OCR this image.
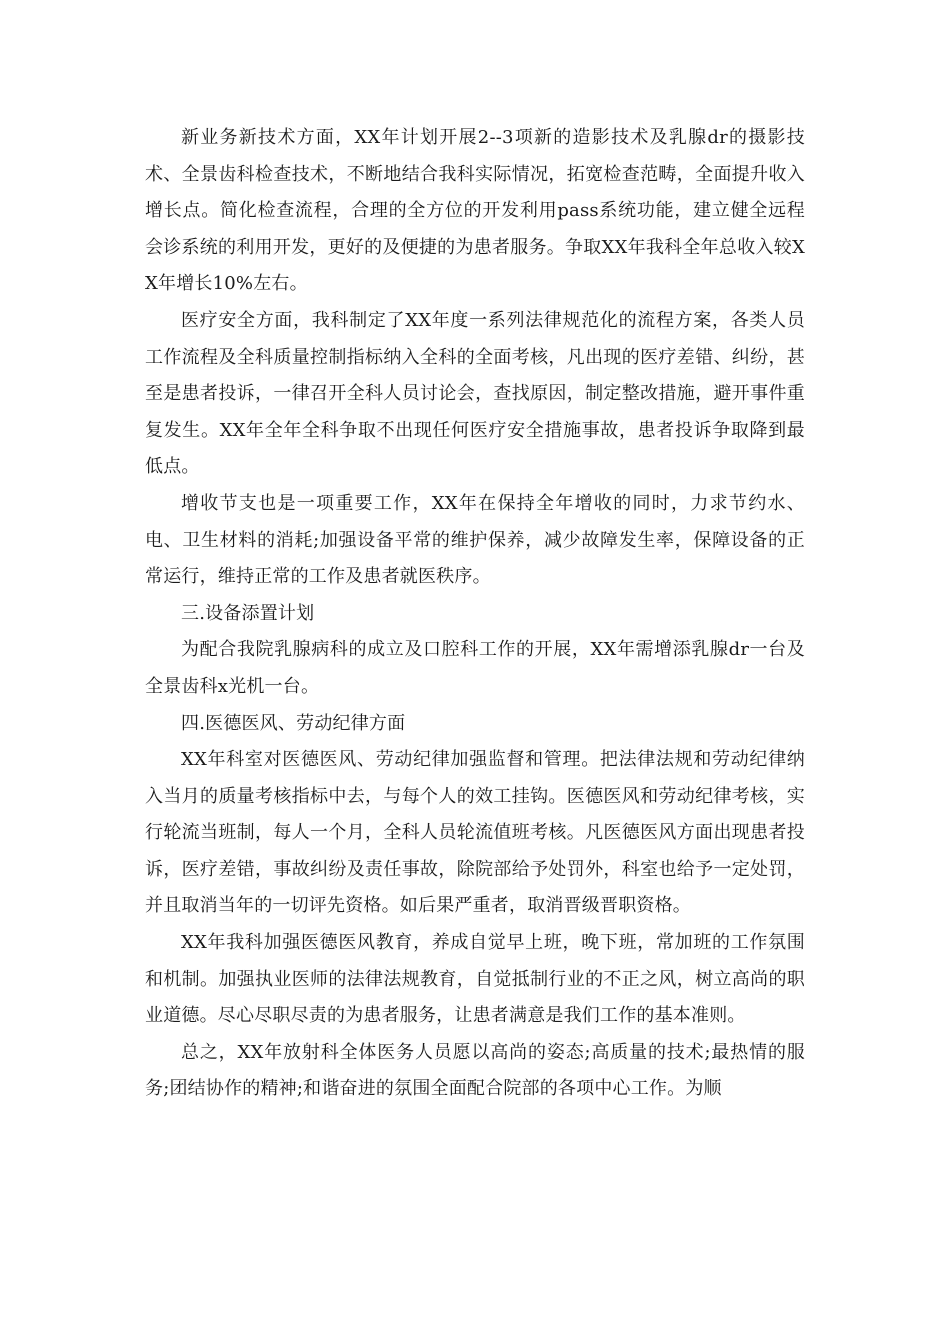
新业务新技术方面，XX年计划开展2--3项新的造影技术及乳腺dr的摄影技术、全景齿科检查技术，不断地结合我科实际情况，拓宽检查范畴，全面提升收入增长点。简化检查流程，合理的全方位的开发利用pass系统功能，建立健全远程会诊系统的利用开发，更好的及便捷的为患者服务。争取XX年我科全年总收入较XX年增长10%左右。

医疗安全方面，我科制定了XX年度一系列法律规范化的流程方案，各类人员工作流程及全科质量控制指标纳入全科的全面考核，凡出现的医疗差错、纠纷，甚至是患者投诉，一律召开全科人员讨论会，查找原因，制定整改措施，避开事件重复发生。XX年全年全科争取不出现任何医疗安全措施事故，患者投诉争取降到最低点。

增收节支也是一项重要工作，XX年在保持全年增收的同时，力求节约水、电、卫生材料的消耗;加强设备平常的维护保养，减少故障发生率，保障设备的正常运行，维持正常的工作及患者就医秩序。

三.设备添置计划

为配合我院乳腺病科的成立及口腔科工作的开展，XX年需增添乳腺dr一台及全景齿科x光机一台。

四.医德医风、劳动纪律方面

XX年科室对医德医风、劳动纪律加强监督和管理。把法律法规和劳动纪律纳入当月的质量考核指标中去，与每个人的效工挂钩。医德医风和劳动纪律考核，实行轮流当班制，每人一个月，全科人员轮流值班考核。凡医德医风方面出现患者投诉，医疗差错，事故纠纷及责任事故，除院部给予处罚外，科室也给予一定处罚，并且取消当年的一切评先资格。如后果严重者，取消晋级晋职资格。

XX年我科加强医德医风教育，养成自觉早上班，晚下班，常加班的工作氛围和机制。加强执业医师的法律法规教育，自觉抵制行业的不正之风，树立高尚的职业道德。尽心尽职尽责的为患者服务，让患者满意是我们工作的基本准则。

总之，XX年放射科全体医务人员愿以高尚的姿态;高质量的技术;最热情的服务;团结协作的精神;和谐奋进的氛围全面配合院部的各项中心工作。为顺
